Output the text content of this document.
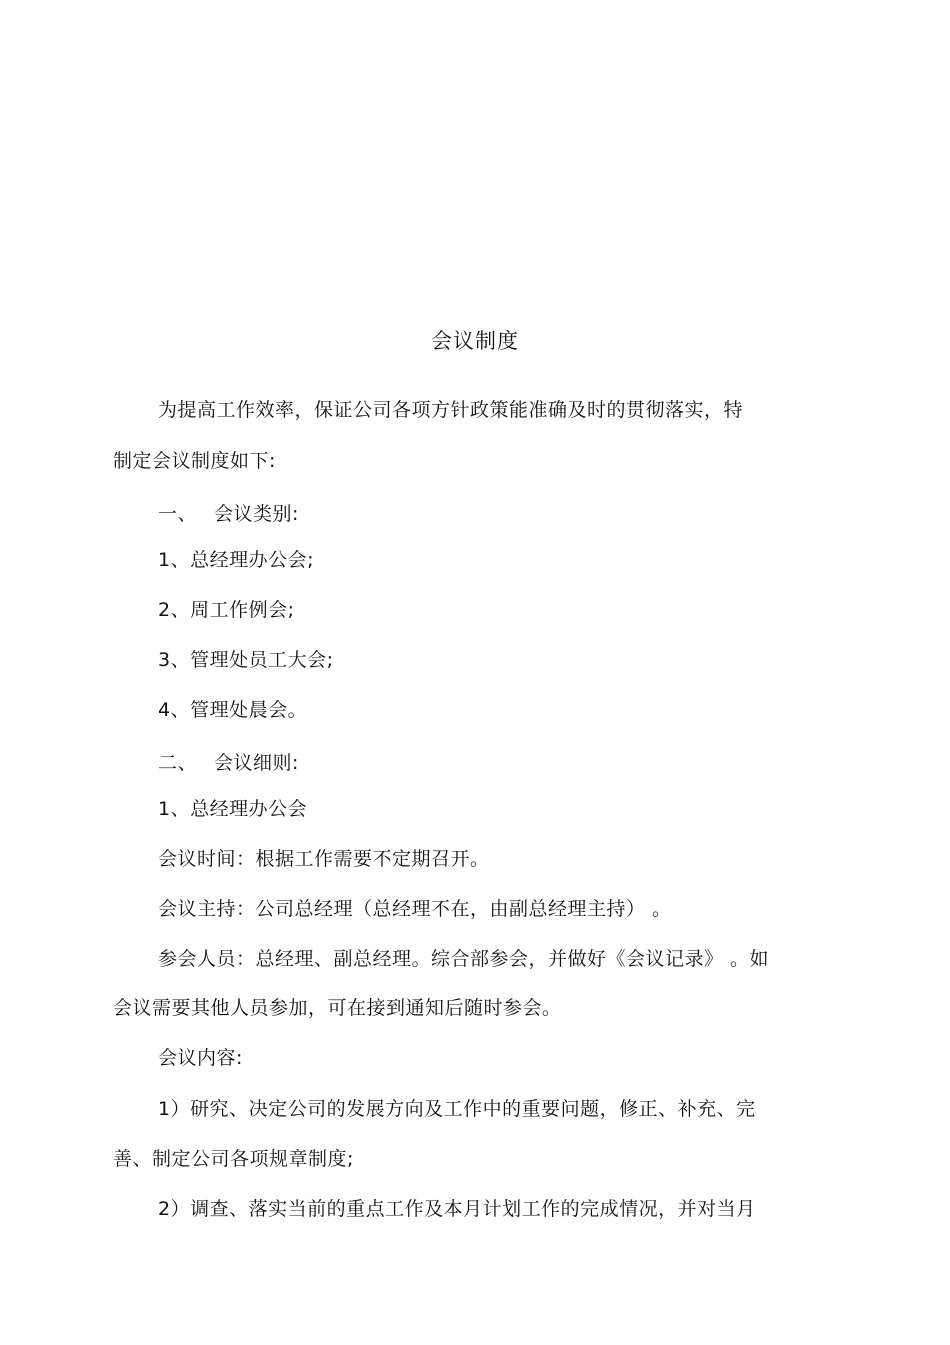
会议制度
为提高工作效率，保证公司各项方针政策能准确及时的贯彻落实，特
制定会议制度如下:
一、 会议类别:
1、总经理办公会;
2、周工作例会;
3、管理处员工大会;
4、管理处晨会。
二、 会议细则:
1、总经理办公会
会议时间：根据工作需要不定期召开。
会议主持：公司总经理（总经理不在，由副总经理主持） 。
参会人员：总经理、副总经理。综合部参会，并做好《会议记录》 。如
会议需要其他人员参加，可在接到通知后随时参会。
会议内容:
1）研究、决定公司的发展方向及工作中的重要问题，修正、补充、完
善、制定公司各项规章制度;
2）调查、落实当前的重点工作及本月计划工作的完成情况，并对当月
